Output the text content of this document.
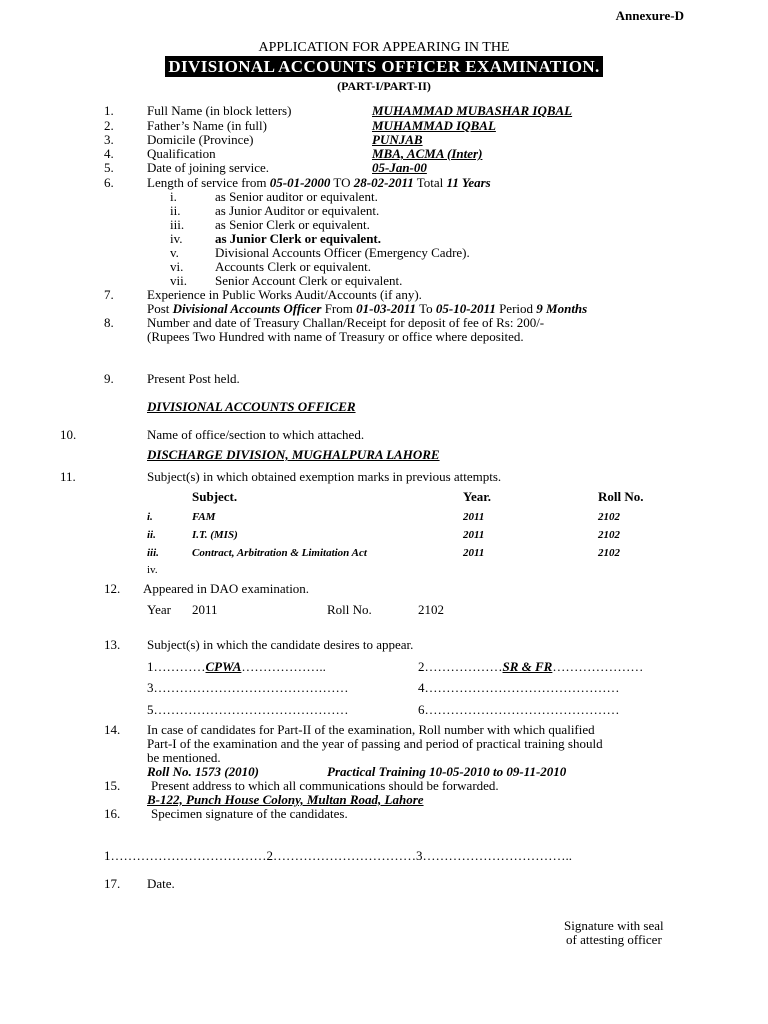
Annexure-D
APPLICATION FOR APPEARING IN THE
DIVISIONAL ACCOUNTS OFFICER EXAMINATION.
(PART-I/PART-II)
1.	Full Name (in block letters)	MUHAMMAD MUBASHAR IQBAL
2.	Father’s Name (in full)	MUHAMMAD IQBAL
3.	Domicile (Province)	PUNJAB
4.	Qualification	MBA, ACMA (Inter)
5.	Date of joining service.	05-Jan-00
6.	Length of service from 05-01-2000 TO 28-02-2011 Total 11 Years
i.	as Senior auditor or equivalent.
ii.	as Junior Auditor or equivalent.
iii. as Senior Clerk or equivalent.
iv. as Junior Clerk or equivalent.
v.	Divisional Accounts Officer (Emergency Cadre).
vi. Accounts Clerk or equivalent.
vii. Senior Account Clerk or equivalent.
7.	Experience in Public Works Audit/Accounts (if any).
Post Divisional Accounts Officer From 01-03-2011 To 05-10-2011 Period 9 Months
8.	Number and date of Treasury Challan/Receipt for deposit of fee of Rs: 200/-
(Rupees Two Hundred with name of Treasury or office where deposited.
9.	Present Post held.
DIVISIONAL ACCOUNTS OFFICER
10.	Name of office/section to which attached.
DISCHARGE DIVISION, MUGHALPURA LAHORE
11.	Subject(s) in which obtained exemption marks in previous attempts.
Subject.	Year.	Roll No.
i.	FAM	2011	2102
ii.	I.T. (MIS)	2011	2102
iii.	Contract, Arbitration & Limitation Act	2011	2102
iv.
12. Appeared in DAO examination.
Year 2011	Roll No.	2102
13. Subject(s) in which the candidate desires to appear.
1…………CPWA………………..	2………………SR & FR…………………
3………………………………………	4………………………………………
5………………………………………	6………………………………………
14. In case of candidates for Part-II of the examination, Roll number with which qualified
Part-I of the examination and the year of passing and period of practical training should
be mentioned.
Roll No. 1573 (2010)	Practical Training 10-05-2010 to 09-11-2010
15. Present address to which all communications should be forwarded.
B-122, Punch House Colony, Multan Road, Lahore
16. Specimen signature of the candidates.
1………………………………2……………………………3……………………………..
17. Date.
Signature with seal
of attesting officer
